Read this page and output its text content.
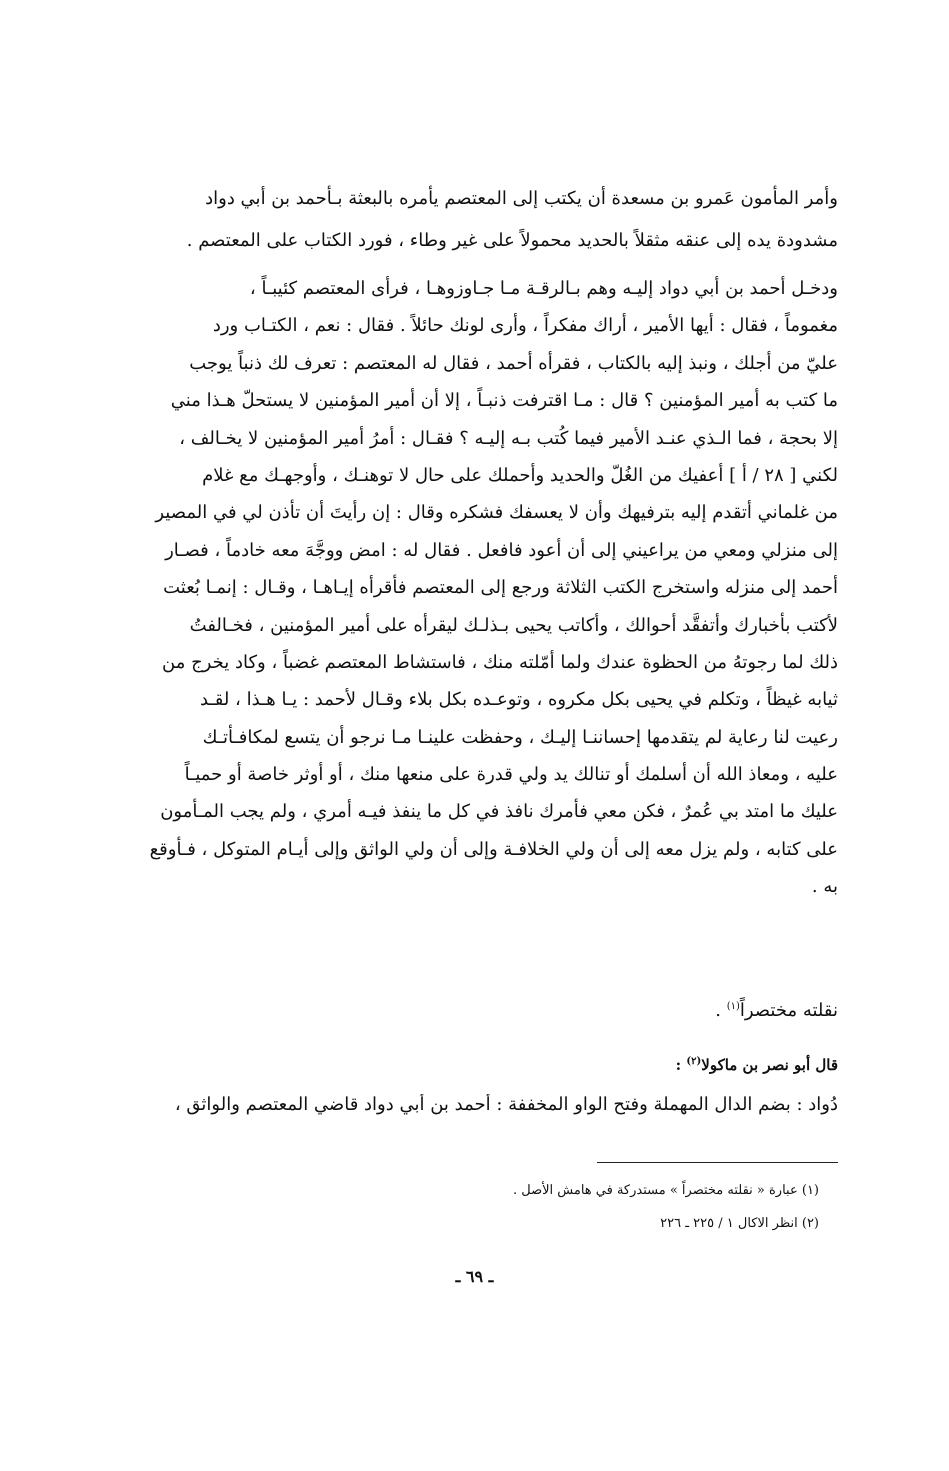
وأمر المأمون عَمرو بن مسعدة أن يكتب إلى المعتصم يأمره بالبعثة بـأحمد بن أبي دواد
مشدودة يده إلى عنقه مثقلاً بالحديد محمولاً على غير وطاء ، فورد الكتاب على المعتصم .
ودخـل أحمد بن أبي دواد إليـه وهم بـالرقـة مـا جـاوزوهـا ، فرأى المعتصم كئيبـاً ،
مغموماً ، فقال : أيها الأمير ، أراك مفكراً ، وأرى لونك حائلاً . فقال : نعم ، الكتـاب ورد
عليّ من أجلك ، ونبذ إليه بالكتاب ، فقرأه أحمد ، فقال له المعتصم : تعرف لك ذنباً يوجب
ما كتب به أمير المؤمنين ؟ قال : مـا اقترفت ذنبـاً ، إلا أن أمير المؤمنين لا يستحلّ هـذا مني
إلا بحجة ، فما الـذي عنـد الأمير فيما كُتب بـه إليـه ؟ فقـال : أمرُ أمير المؤمنين لا يخـالف ،
لكني [ ٢٨ / أ ] أعفيك من الغُلّ والحديد وأحملك على حال لا توهنـك ، وأوجهـك مع غلام
من غلماني أتقدم إليه بترفيهك وأن لا يعسفك فشكره وقال : إن رأيتَ أن تأذن لي في المصير
إلى منزلي ومعي من يراعيني إلى أن أعود فافعل . فقال له : امض ووجَّهَ معه خادماً ، فصـار
أحمد إلى منزله واستخرج الكتب الثلاثة ورجع إلى المعتصم فأقرأه إيـاهـا ، وقـال : إنمـا بُعثت
لأكتب بأخبارك وأتفقَّد أحوالك ، وأكاتب يحيى بـذلـك ليقرأه على أمير المؤمنين ، فخـالفتُ
ذلك لما رجوتهُ من الحظوة عندك ولما أمّلته منك ، فاستشاط المعتصم غضباً ، وكاد يخرج من
ثيابه غيظاً ، وتكلم في يحيى بكل مكروه ، وتوعـده بكل بلاء وقـال لأحمد : يـا هـذا ، لقـد
رعيت لنا رعاية لم يتقدمها إحساننـا إليـك ، وحفظت علينـا مـا نرجو أن يتسع لمكافـأتـك
عليه ، ومعاذ الله أن أسلمك أو تنالك يد ولي قدرة على منعها منك ، أو أوثر خاصة أو حميـاً
عليك ما امتد بي عُمرٌ ، فكن معي فأمرك نافذ في كل ما ينفذ فيـه أمري ، ولم يجب المـأمون
على كتابه ، ولم يزل معه إلى أن ولي الخلافـة وإلى أن ولي الواثق وإلى أيـام المتوكل ، فـأوقع
به .
نقلته مختصراً$^{(١)}$ .
قال أبو نصر بن ماكولا$^{(٢)}$ :
دُواد : بضم الدال المهملة وفتح الواو المخففة : أحمد بن أبي دواد قاضي المعتصم والواثق ،
(١) عبارة « نقلته مختصراً » مستدركة في هامش الأصل .
(٢) انظر الاكال ١ / ٢٢٥ ـ ٢٢٦
ـ ٦٩ ـ
